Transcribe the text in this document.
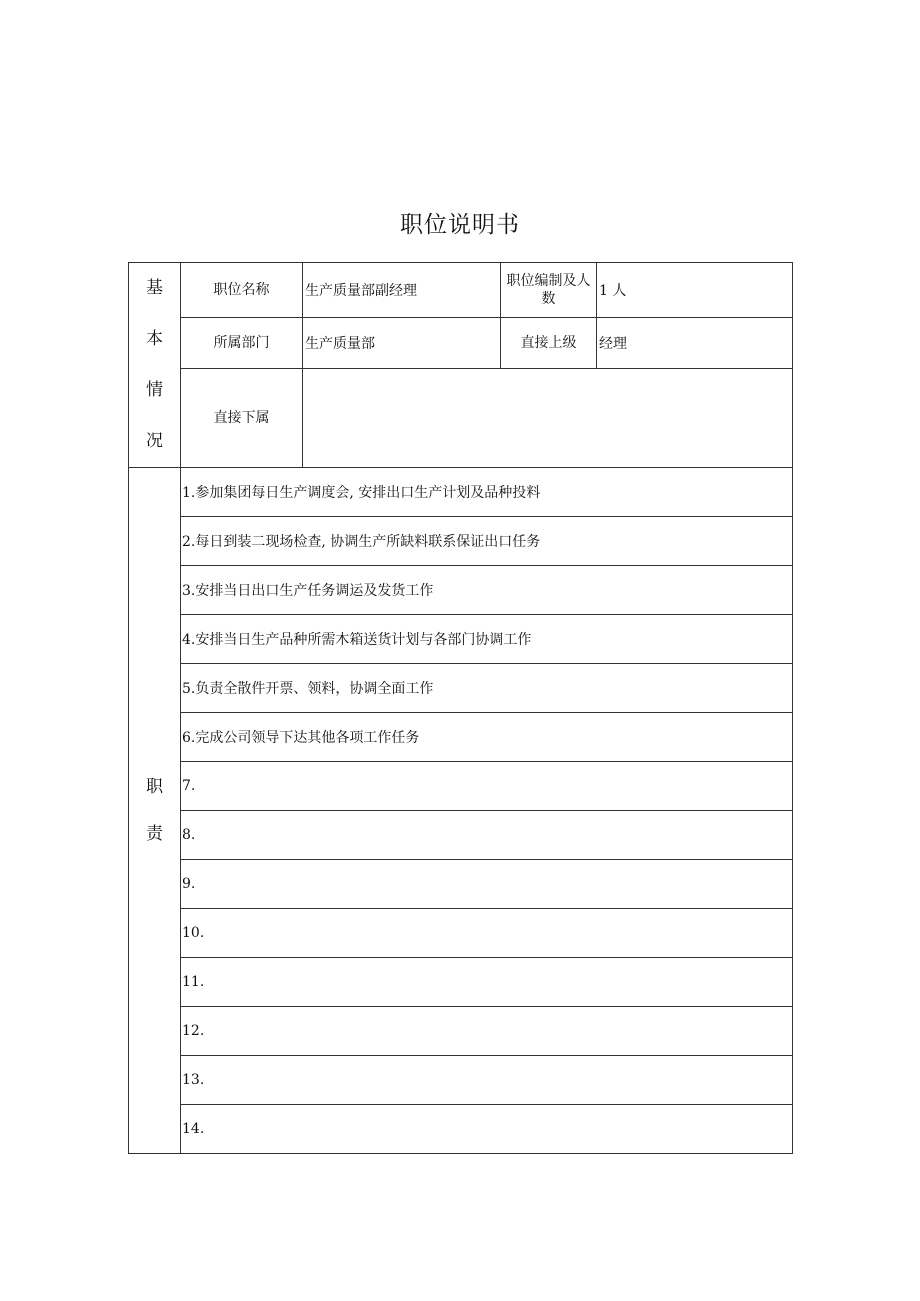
职位说明书
基
本
情
况	职位名称	生产质量部副经理	职位编制及人数	1 人
	所属部门	生产质量部	直接上级	经理
	直接下属			

职
责	1.参加集团每日生产调度会, 安排出口生产计划及品种投料			
	2.每日到装二现场检查, 协调生产所缺料联系保证出口任务			
	3.安排当日出口生产任务调运及发货工作			
	4.安排当日生产品种所需木箱送货计划与各部门协调工作			
	5.负责全散件开票、领料，协调全面工作			
	6.完成公司领导下达其他各项工作任务			
	7.			
	8.			
	9.			
	10.			
	11.			
	12.			
	13.			
	14.			
